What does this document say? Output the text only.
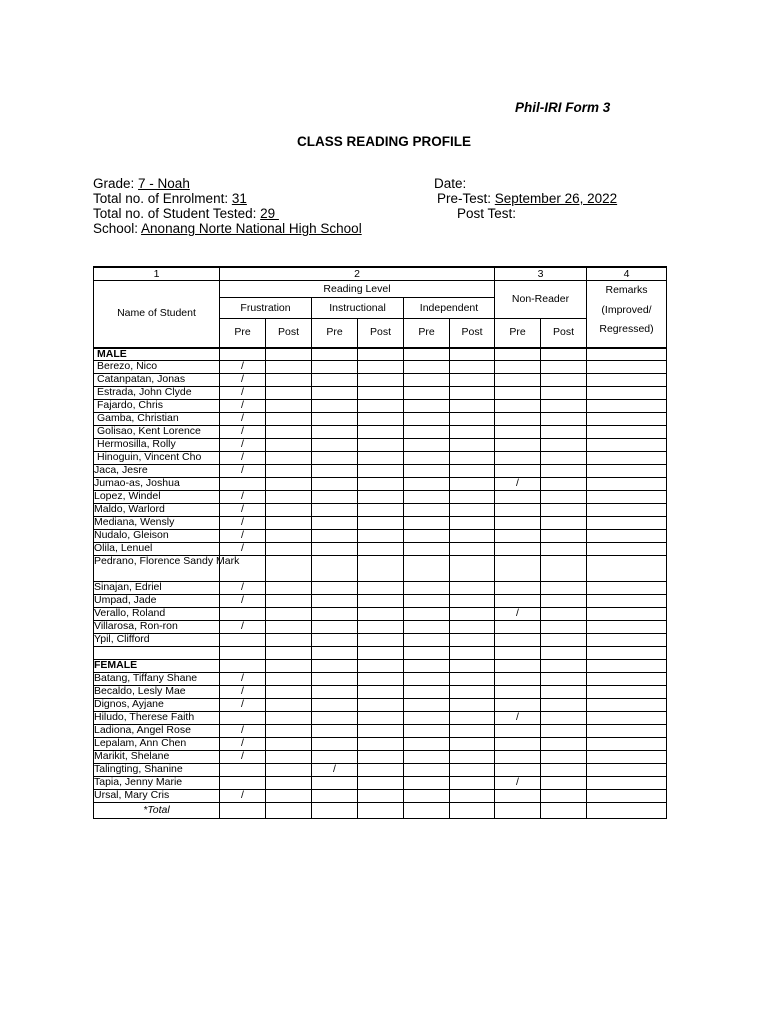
Phil-IRI Form 3
CLASS READING PROFILE
Grade: 7 - Noah
Total no. of Enrolment: 31
Total no. of Student Tested: 29
School: Anonang Norte National High School
Date:
Pre-Test: September 26, 2022
Post Test:
1	2						3		4
Name of Student	Reading Level						Non-Reader		Remarks
(Improved/
Regressed)

	Frustration		Instructional		Independent				
	Pre	Post	Pre	Post	Pre	Post	Pre	Post	
MALE									
Berezo, Nico	/								
Catanpatan, Jonas	/								
Estrada, John Clyde	/								
Fajardo, Chris	/								
Gamba, Christian	/								
Golisao, Kent Lorence	/								
Hermosilla, Rolly	/								
Hinoguin, Vincent Cho	/								
Jaca, Jesre	/								
Jumao-as, Joshua							/		
Lopez, Windel	/								
Maldo, Warlord	/								
Mediana, Wensly	/								
Nudalo, Gleison	/								
Olila, Lenuel	/								
Pedrano, Florence Sandy Mark									
Sinajan, Edriel	/								
Umpad, Jade	/								
Verallo, Roland							/		
Villarosa, Ron-ron	/								
Ypil, Clifford									

FEMALE									
Batang, Tiffany Shane	/								
Becaldo, Lesly Mae	/								
Dignos, Ayjane	/								
Hiludo, Therese Faith							/		
Ladiona, Angel Rose	/								
Lepalam, Ann Chen	/								
Marikit, Shelane	/								
Talingting, Shanine			/						
Tapia, Jenny Marie							/		
Ursal, Mary Cris	/								
*Total									
